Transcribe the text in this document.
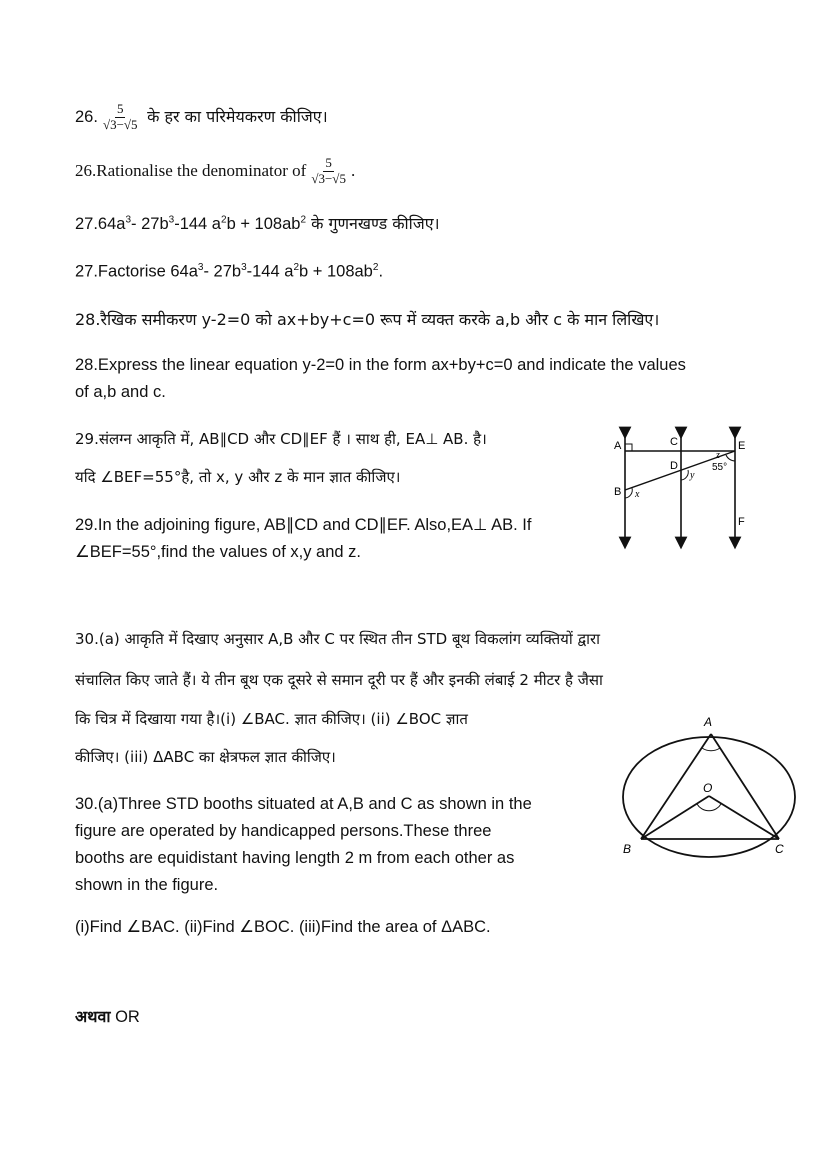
26. $\frac{5}{√3-√5}$ के हर का परिमेयकरण कीजिए।
26.Rationalise the denominator of $\frac{5}{√3-√5}$ .
$27.64a^3-$ $27b^3-144$ $a^2b + 108ab^2$ के गुणनखण्ड कीजिए।
27.Factorise $64a^3-$ $27b^3-144$ $a^2b + 108ab^2$.
28.रैखिक समीकरण y-2=0 को ax+by+c=0 रूप में व्यक्त करके a,b और c के मान लिखिए।
28.Express the linear equation y-2=0 in the form ax+by+c=0 and indicate the values
of a,b and c.
29.संलग्न आकृति में, AB∥CD और CD∥EF हैं । साथ ही, EA⊥ AB. है।
यदि ∠BEF=55°है, तो x, y और z के मान ज्ञात कीजिए।
29.In the adjoining figure, AB∥CD and CD∥EF. Also,EA⊥ AB. If
∠BEF=55°,find the values of x,y and z.
A
B
C
D
E
F
x
y
z
55°
30.(a) आकृति में दिखाए अनुसार A,B और C पर स्थित तीन STD बूथ विकलांग व्यक्तियों द्वारा
संचालित किए जाते हैं। ये तीन बूथ एक दूसरे से समान दूरी पर हैं और इनकी लंबाई 2 मीटर है जैसा
कि चित्र में दिखाया गया है।(i) ∠BAC. ज्ञात कीजिए। (ii) ∠BOC ज्ञात
कीजिए। (iii) ΔABC का क्षेत्रफल ज्ञात कीजिए।
30.(a)Three STD booths situated at A,B and C as shown in the
figure are operated by handicapped persons.These three
booths are equidistant having length 2 m from each other as
shown in the figure.
(i)Find ∠BAC. (ii)Find ∠BOC. (iii)Find the area of ΔABC.
A
O
B	C
अथवा OR
